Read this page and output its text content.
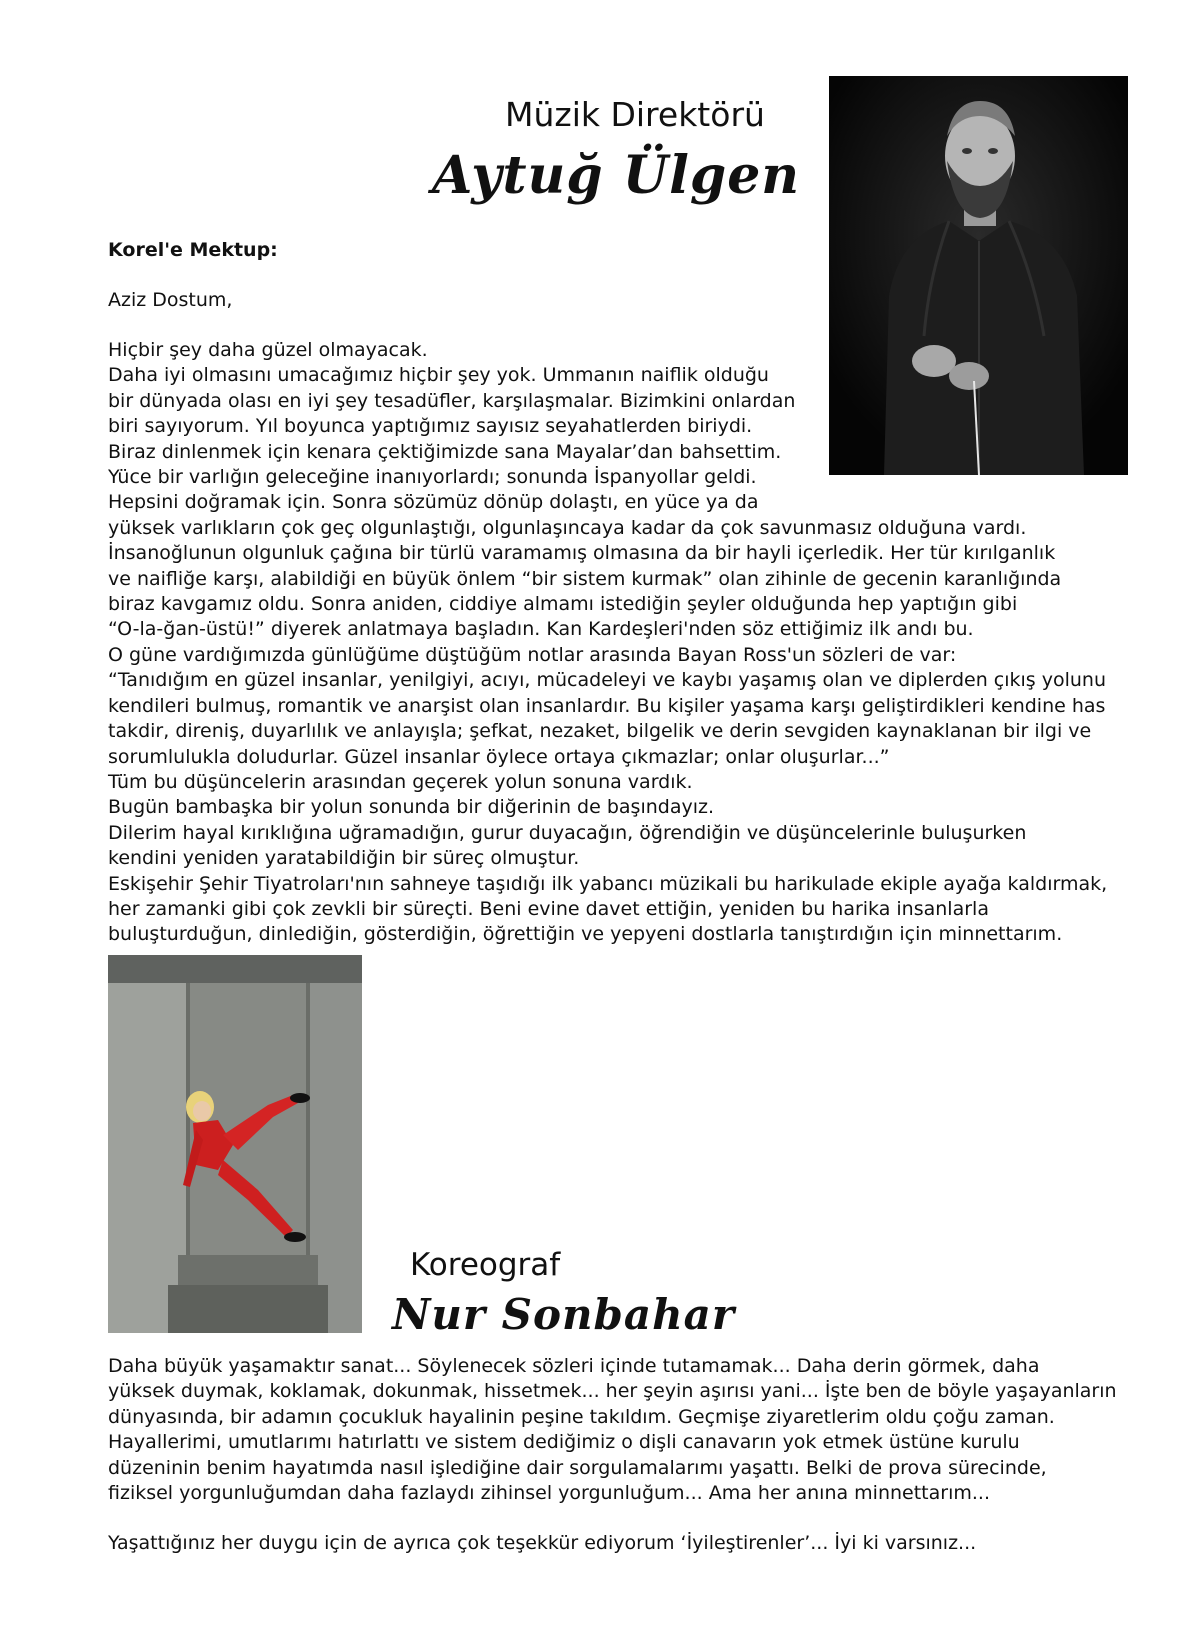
Müzik Direktörü
Aytuğ Ülgen
Korel'e Mektup:
Aziz Dostum,

Hiçbir şey daha güzel olmayacak.

Daha iyi olmasını umacağımız hiçbir şey yok. Ummanın naiflik olduğu

bir dünyada olası en iyi şey tesadüfler, karşılaşmalar. Bizimkini onlardan

biri sayıyorum. Yıl boyunca yaptığımız sayısız seyahatlerden biriydi.

Biraz dinlenmek için kenara çektiğimizde sana Mayalar’dan bahsettim.

Yüce bir varlığın geleceğine inanıyorlardı; sonunda İspanyollar geldi.

Hepsini doğramak için. Sonra sözümüz dönüp dolaştı, en yüce ya da

yüksek varlıkların çok geç olgunlaştığı, olgunlaşıncaya kadar da çok savunmasız olduğuna vardı.

İnsanoğlunun olgunluk çağına bir türlü varamamış olmasına da bir hayli içerledik. Her tür kırılganlık

ve naifliğe karşı, alabildiği en büyük önlem “bir sistem kurmak” olan zihinle de gecenin karanlığında

biraz kavgamız oldu. Sonra aniden, ciddiye almamı istediğin şeyler olduğunda hep yaptığın gibi

“O-la-ğan-üstü!” diyerek anlatmaya başladın. Kan Kardeşleri'nden söz ettiğimiz ilk andı bu.

O güne vardığımızda günlüğüme düştüğüm notlar arasında Bayan Ross'un sözleri de var:

“Tanıdığım en güzel insanlar, yenilgiyi, acıyı, mücadeleyi ve kaybı yaşamış olan ve diplerden çıkış yolunu

kendileri bulmuş, romantik ve anarşist olan insanlardır. Bu kişiler yaşama karşı geliştirdikleri kendine has

takdir, direniş, duyarlılık ve anlayışla; şefkat, nezaket, bilgelik ve derin sevgiden kaynaklanan bir ilgi ve

sorumlulukla doludurlar. Güzel insanlar öylece ortaya çıkmazlar; onlar oluşurlar...”

Tüm bu düşüncelerin arasından geçerek yolun sonuna vardık.

Bugün bambaşka bir yolun sonunda bir diğerinin de başındayız.

Dilerim hayal kırıklığına uğramadığın, gurur duyacağın, öğrendiğin ve düşüncelerinle buluşurken

kendini yeniden yaratabildiğin bir süreç olmuştur.

Eskişehir Şehir Tiyatroları'nın sahneye taşıdığı ilk yabancı müzikali bu harikulade ekiple ayağa kaldırmak,

her zamanki gibi çok zevkli bir süreçti. Beni evine davet ettiğin, yeniden bu harika insanlarla

buluşturduğun, dinlediğin, gösterdiğin, öğrettiğin ve yepyeni dostlarla tanıştırdığın için minnettarım.

Koreograf
Nur Sonbahar

Daha büyük yaşamaktır sanat... Söylenecek sözleri içinde tutamamak... Daha derin görmek, daha

yüksek duymak, koklamak, dokunmak, hissetmek... her şeyin aşırısı yani... İşte ben de böyle yaşayanların

dünyasında, bir adamın çocukluk hayalinin peşine takıldım. Geçmişe ziyaretlerim oldu çoğu zaman.

Hayallerimi, umutlarımı hatırlattı ve sistem dediğimiz o dişli canavarın yok etmek üstüne kurulu

düzeninin benim hayatımda nasıl işlediğine dair sorgulamalarımı yaşattı. Belki de prova sürecinde,

fiziksel yorgunluğumdan daha fazlaydı zihinsel yorgunluğum... Ama her anına minnettarım...

Yaşattığınız her duygu için de ayrıca çok teşekkür ediyorum ‘İyileştirenler’... İyi ki varsınız...
